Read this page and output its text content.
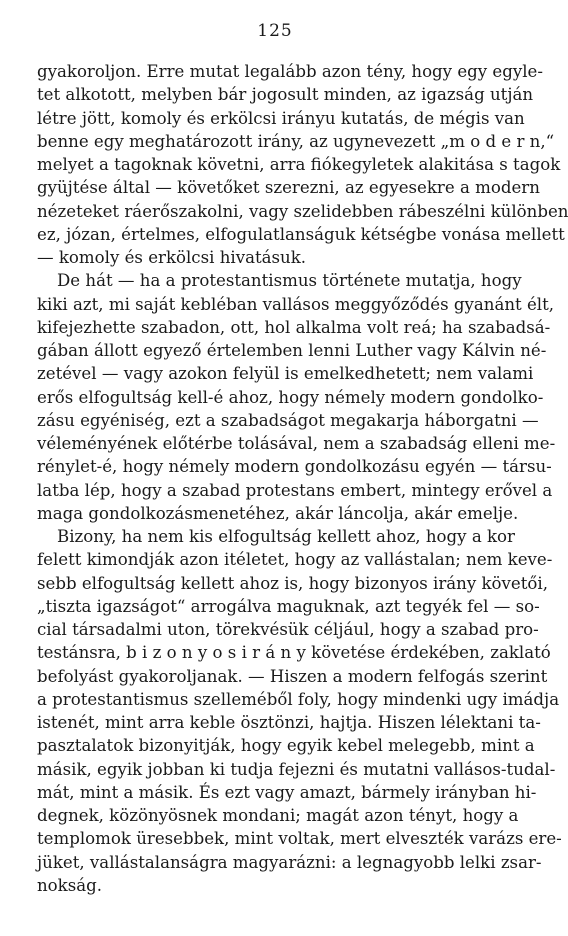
125
gyakoroljon. Erre mutat legalább azon tény, hogy egy egyle-
tet alkotott, melyben bár jogosult minden, az igazság utján
létre jött, komoly és erkölcsi irányu kutatás, de mégis van
benne egy meghatározott irány, az ugynevezett „m o d e r n,“
melyet a tagoknak követni, arra fiókegyletek alakitása s tagok
gyüjtése által — követőket szerezni, az egyesekre a modern
nézeteket ráerőszakolni, vagy szelidebben rábeszélni különben
ez, józan, értelmes, elfogulatlanságuk kétségbe vonása mellett
— komoly és erkölcsi hivatásuk.
De hát — ha a protestantismus története mutatja, hogy
kiki azt, mi saját kebléban vallásos meggyőződés gyanánt élt,
kifejezhette szabadon, ott, hol alkalma volt reá; ha szabadsá-
gában állott egyező értelemben lenni Luther vagy Kálvin né-
zetével — vagy azokon felyül is emelkedhetett; nem valami
erős elfogultság kell-é ahoz, hogy némely modern gondolko-
zásu egyéniség, ezt a szabadságot megakarja háborgatni —
véleményének előtérbe tolásával, nem a szabadság elleni me-
rénylet-é, hogy némely modern gondolkozásu egyén — társu-
latba lép, hogy a szabad protestans embert, mintegy erővel a
maga gondolkozásmenetéhez, akár láncolja, akár emelje.
Bizony, ha nem kis elfogultság kellett ahoz, hogy a kor
felett kimondják azon itéletet, hogy az vallástalan; nem keve-
sebb elfogultság kellett ahoz is, hogy bizonyos irány követői,
„tiszta igazságot“ arrogálva maguknak, azt tegyék fel — so-
cial társadalmi uton, törekvésük céljául, hogy a szabad pro-
testánsra, b i z o n y o s i r á n y követése érdekében, zaklató
befolyást gyakoroljanak. — Hiszen a modern felfogás szerint
a protestantismus szelleméből foly, hogy mindenki ugy imádja
istenét, mint arra keble ösztönzi, hajtja. Hiszen lélektani ta-
pasztalatok bizonyitják, hogy egyik kebel melegebb, mint a
másik, egyik jobban ki tudja fejezni és mutatni vallásos-tudal-
mát, mint a másik. És ezt vagy amazt, bármely irányban hi-
degnek, közönyösnek mondani; magát azon tényt, hogy a
templomok üresebbek, mint voltak, mert elveszték varázs ere-
jüket, vallástalanságra magyarázni: a legnagyobb lelki zsar-
nokság.
